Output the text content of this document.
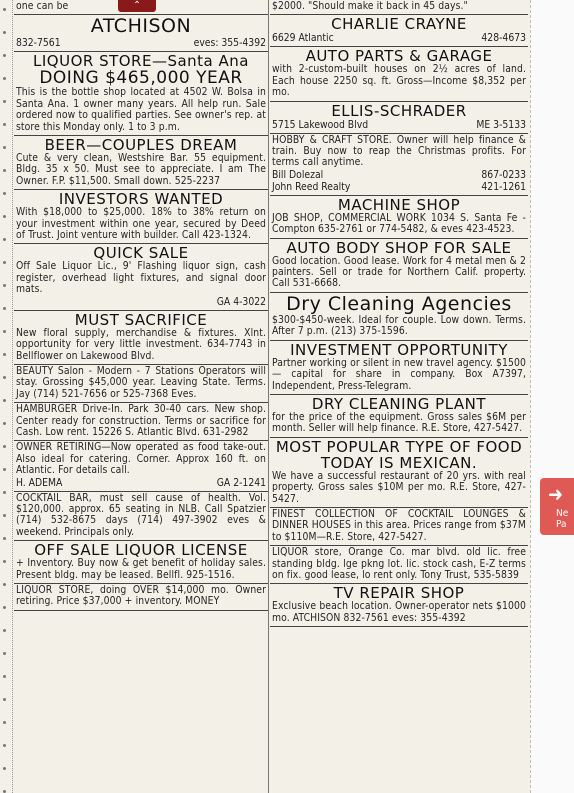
one can be
ATCHISON
832-7561	eves: 355-4392
LIQUOR STORE—Santa Ana
DOING $465,000 YEAR
This is the bottle shop located at 4502 W. Bolsa in Santa Ana. 1 owner many years. All help run. Sale ordered now to qualified parties. See owner's rep. at store this Monday only. 1 to 3 p.m.
BEER—COUPLES DREAM
Cute & very clean, Westshire Bar. 55 equipment. Bldg. 35 x 50. Must see to appreciate. I am The Owner. F.P. $11,500. Small down. 525-2237
INVESTORS WANTED
With $18,000 to $25,000. 18% to 38% return on your investment within one year, secured by Deed of Trust. Joint venture with builder. Call 423-1324.
QUICK SALE
Off Sale Liquor Lic., 9' Flashing liquor sign, cash register, overhead light fixtures, and signal door mats.
GA 4-3022
MUST SACRIFICE
New floral supply, merchandise & fixtures. Xlnt. opportunity for very little investment. 634-7743 in Bellflower on Lakewood Blvd.
BEAUTY Salon - Modern - 7 Stations Operators will stay. Grossing $45,000 year. Leaving State. Terms. Jay (714) 521-7656 or 525-7368 Eves.
HAMBURGER Drive-In. Park 30-40 cars. New shop. Center ready for construction. Terms or sacrifice for Cash. Low rent. 15226 S. Atlantic Blvd. 631-2982
OWNER RETIRING—Now operated as food take-out. Also ideal for catering. Corner. Approx 160 ft. on Atlantic. For details call.
H. ADEMA	GA 2-1241
COCKTAIL BAR, must sell cause of health. Vol. $120,000. approx. 65 seating in NLB. Call Spatzier (714) 532-8675 days (714) 497-3902 eves & weekend. Principals only.
OFF SALE LIQUOR LICENSE
+ Inventory. Buy now & get benefit of holiday sales. Present bldg. may be leased. Bellfl. 925-1516.
LIQUOR STORE, doing OVER $14,000 mo. Owner retiring. Price $37,000 + inventory. MONEY
$2000. "Should make it back in 45 days."
CHARLIE CRAYNE
6629 Atlantic	428-4673
AUTO PARTS & GARAGE
with 2-custom-built houses on 2½ acres of land. Each house 2250 sq. ft. Gross—Income $8,352 per mo.
ELLIS-SCHRADER
5715 Lakewood Blvd	ME 3-5133
HOBBY & CRAFT STORE. Owner will help finance & train. Buy now to reap the Christmas profits. For terms call anytime.
Bill Dolezal	867-0233
John Reed Realty	421-1261
MACHINE SHOP
JOB SHOP, COMMERCIAL WORK 1034 S. Santa Fe - Compton 635-2761 or 774-5482, & eves 423-4523.
AUTO BODY SHOP FOR SALE
Good location. Good lease. Work for 4 metal men & 2 painters. Sell or trade for Northern Calif. property. Call 531-6668.
Dry Cleaning Agencies
$300-$450-week. Ideal for couple. Low down. Terms. After 7 p.m. (213) 375-1596.
INVESTMENT OPPORTUNITY
Partner working or silent in new travel agency. $1500 — capital for share in company. Box A7397, Independent, Press-Telegram.
DRY CLEANING PLANT
for the price of the equipment. Gross sales $6M per month. Seller will help finance. R.E. Store, 427-5427.
MOST POPULAR TYPE OF FOOD TODAY IS MEXICAN.
We have a successful restaurant of 20 yrs. with real property. Gross sales $10M per mo. R.E. Store, 427-5427.
FINEST COLLECTION OF COCKTAIL LOUNGES & DINNER HOUSES in this area. Prices range from $37M to $110M—R.E. Store, 427-5427.
LIQUOR store, Orange Co. mar blvd. old lic. free standing bldg. lge pkng lot. lic. stock cash, E-Z terms on fix. good lease, lo rent only. Tony Trust, 535-5839
TV REPAIR SHOP
Exclusive beach location. Owner-operator nets $1000 mo. ATCHISON 832-7561 eves: 355-4392
⌃
➜
Ne
Pa
